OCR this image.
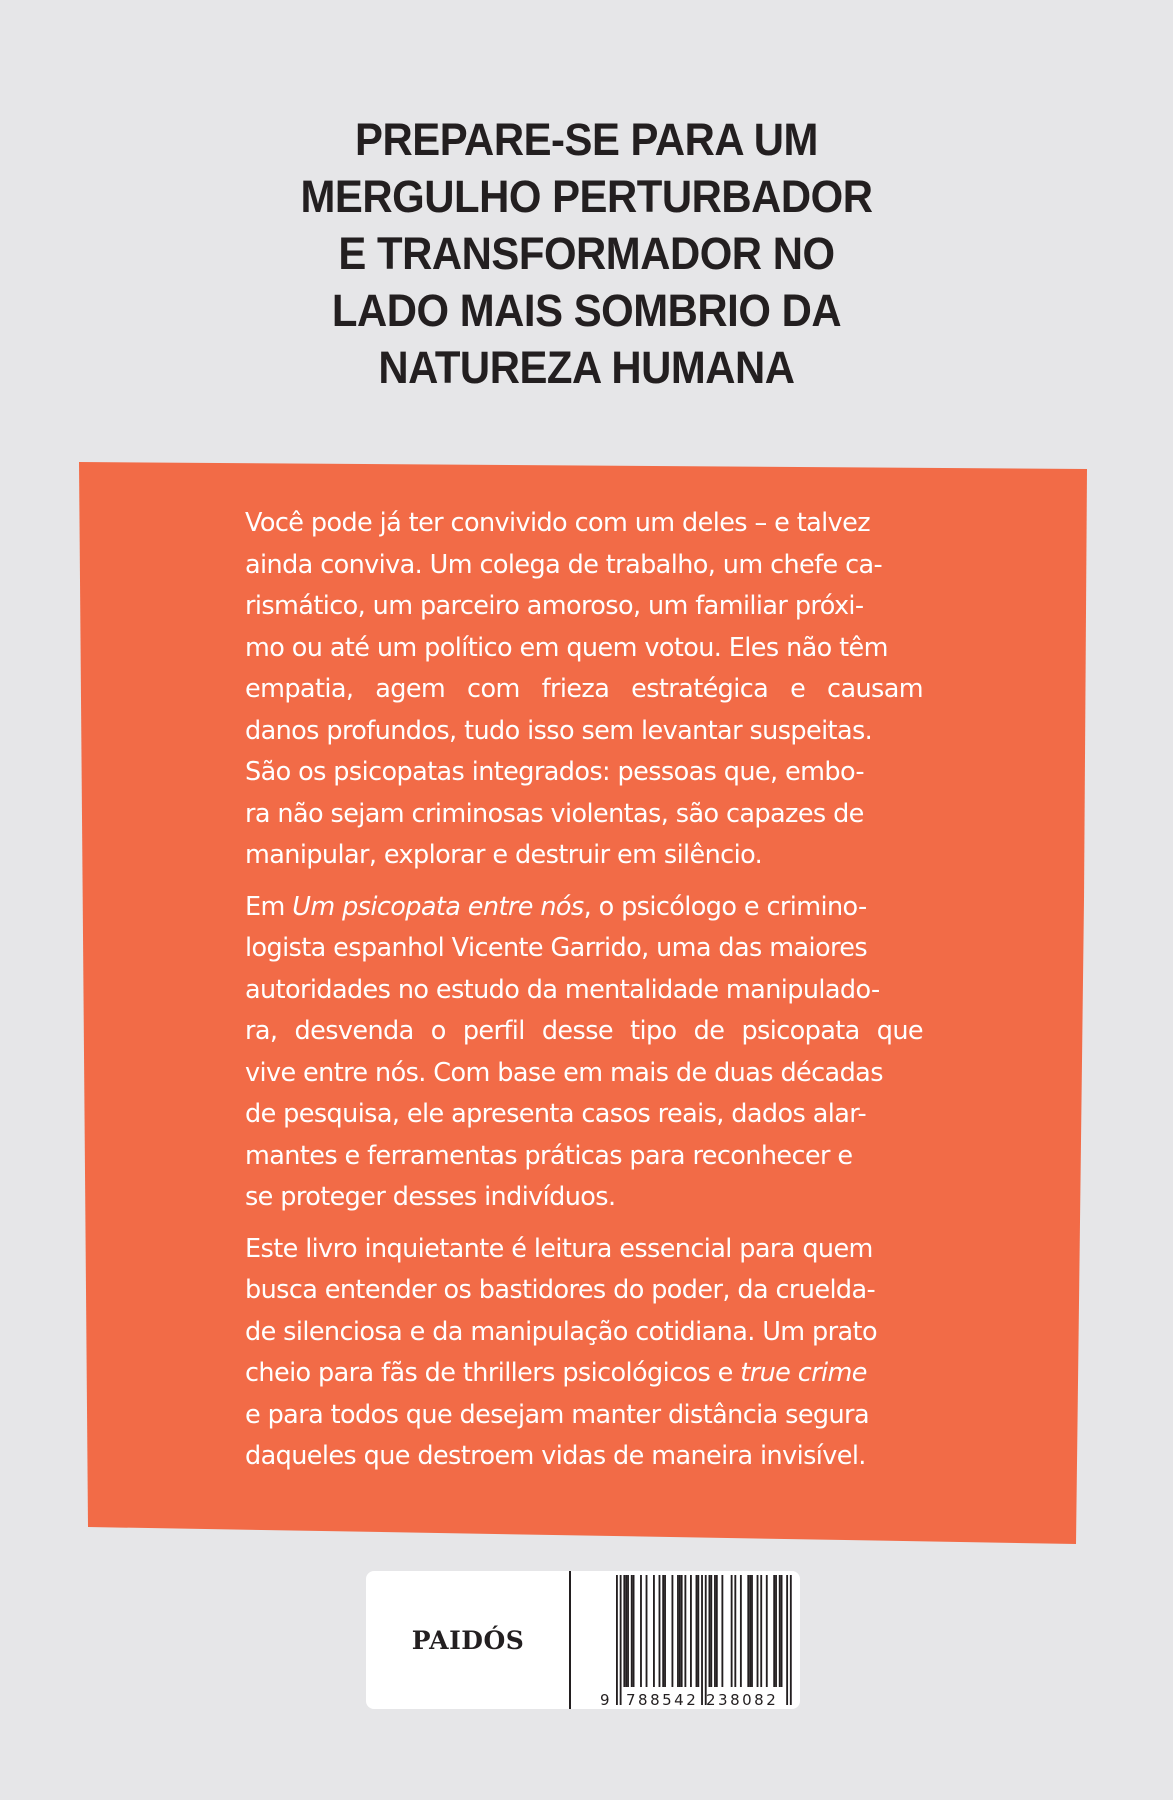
PREPARE-SE PARA UM
MERGULHO PERTURBADOR
E TRANSFORMADOR NO
LADO MAIS SOMBRIO DA
NATUREZA HUMANA

Você pode já ter convivido com um deles – e talvez
ainda conviva. Um colega de trabalho, um chefe ca-
rismático, um parceiro amoroso, um familiar próxi-
mo ou até um político em quem votou. Eles não têm
empatia, agem com frieza estratégica e causam
danos profundos, tudo isso sem levantar suspeitas.
São os psicopatas integrados: pessoas que, embo-
ra não sejam criminosas violentas, são capazes de
manipular, explorar e destruir em silêncio.

Em Um psicopata entre nós, o psicólogo e crimino-
logista espanhol Vicente Garrido, uma das maiores
autoridades no estudo da mentalidade manipulado-
ra, desvenda o perfil desse tipo de psicopata que
vive entre nós. Com base em mais de duas décadas
de pesquisa, ele apresenta casos reais, dados alar-
mantes e ferramentas práticas para reconhecer e
se proteger desses indivíduos.

Este livro inquietante é leitura essencial para quem
busca entender os bastidores do poder, da crueldа-
de silenciosa e da manipulação cotidiana. Um prato
cheio para fãs de thrillers psicológicos e true crime
e para todos que desejam manter distância segura
daqueles que destroem vidas de maneira invisível.

PAIDÓS
9 788542 238082
